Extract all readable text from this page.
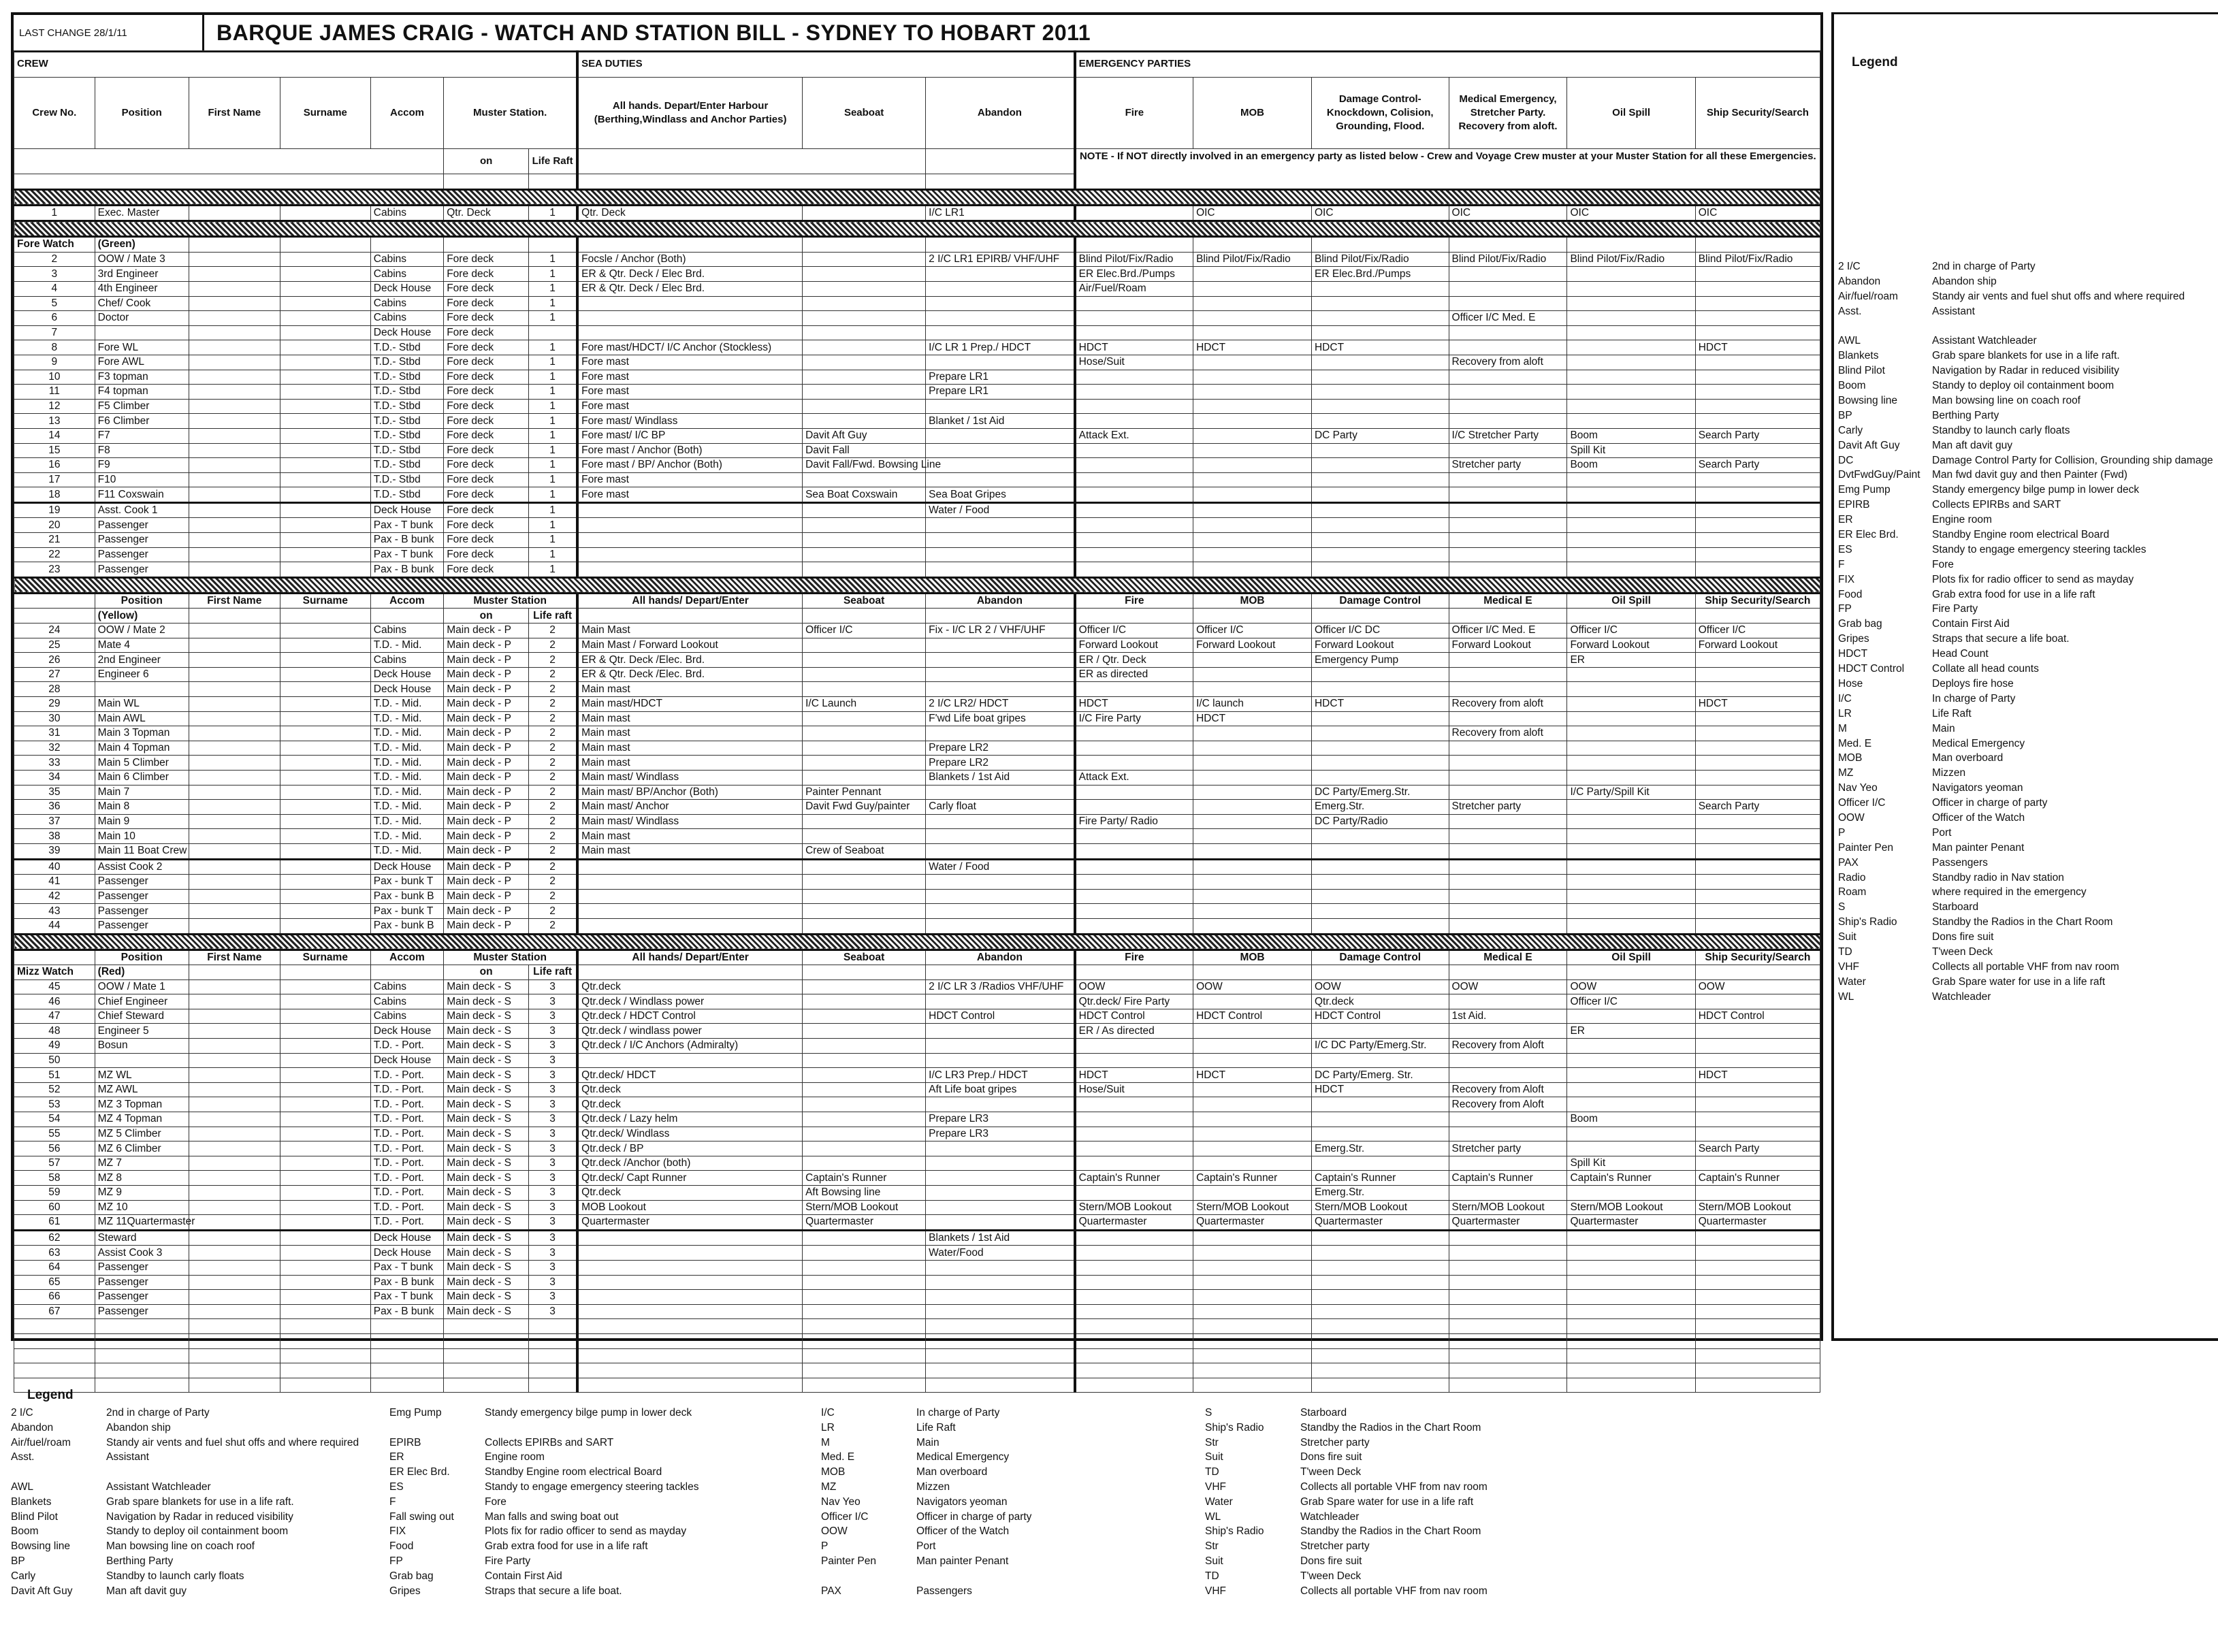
LAST CHANGE 28/1/11	BARQUE JAMES CRAIG - WATCH AND STATION BILL - SYDNEY TO HOBART 2011
CREW							SEA DUTIES			EMERGENCY PARTIES					
Crew No.	Position	First Name	Surname	Accom	Muster Station.		All hands. Depart/Enter Harbour (Berthing,Windlass and Anchor Parties)	Seaboat	Abandon	Fire	MOB	Damage Control- Knockdown, Colision, Grounding, Flood.	Medical Emergency, Stretcher Party. Recovery from aloft.	Oil Spill	Ship Security/Search
					on	Life Raft				NOTE - If NOT directly involved in an emergency party as listed below - Crew and Voyage Crew muster at your Muster Station for all these Emergencies.					

1	Exec. Master			Cabins	Qtr. Deck	1	Qtr. Deck		I/C LR1		OIC	OIC	OIC	OIC	OIC

Fore Watch	(Green)														
2	OOW / Mate 3			Cabins	Fore deck	1	Focsle / Anchor (Both)		2 I/C LR1 EPIRB/ VHF/UHF	Blind Pilot/Fix/Radio	Blind Pilot/Fix/Radio	Blind Pilot/Fix/Radio	Blind Pilot/Fix/Radio	Blind Pilot/Fix/Radio	Blind Pilot/Fix/Radio
3	3rd Engineer			Cabins	Fore deck	1	ER & Qtr. Deck / Elec Brd.			ER Elec.Brd./Pumps		ER Elec.Brd./Pumps			
4	4th Engineer			Deck House	Fore deck	1	ER & Qtr. Deck / Elec Brd.			Air/Fuel/Roam					
5	Chef/ Cook			Cabins	Fore deck	1									
6	Doctor			Cabins	Fore deck	1							Officer I/C Med. E		
7				Deck House	Fore deck										
8	Fore WL			T.D.- Stbd	Fore deck	1	Fore mast/HDCT/ I/C Anchor (Stockless)		I/C LR 1 Prep./ HDCT	HDCT	HDCT	HDCT			HDCT
9	Fore AWL			T.D.- Stbd	Fore deck	1	Fore mast			Hose/Suit			Recovery from aloft		
10	F3 topman			T.D.- Stbd	Fore deck	1	Fore mast		Prepare LR1						
11	F4 topman			T.D.- Stbd	Fore deck	1	Fore mast		Prepare LR1						
12	F5 Climber			T.D.- Stbd	Fore deck	1	Fore mast								
13	F6 Climber			T.D.- Stbd	Fore deck	1	Fore mast/ Windlass		Blanket / 1st Aid						
14	F7			T.D.- Stbd	Fore deck	1	Fore mast/ I/C BP	Davit Aft Guy		Attack Ext.		DC Party	I/C Stretcher Party	Boom	Search Party
15	F8			T.D.- Stbd	Fore deck	1	Fore mast / Anchor (Both)	Davit Fall						Spill Kit	
16	F9			T.D.- Stbd	Fore deck	1	Fore mast / BP/ Anchor (Both)	Davit Fall/Fwd. Bowsing Line					Stretcher party	Boom	Search Party
17	F10			T.D.- Stbd	Fore deck	1	Fore mast								
18	F11 Coxswain			T.D.- Stbd	Fore deck	1	Fore mast	Sea Boat Coxswain	Sea Boat Gripes						
19	Asst. Cook 1			Deck House	Fore deck	1			Water / Food						
20	Passenger			Pax - T bunk	Fore deck	1									
21	Passenger			Pax - B bunk	Fore deck	1									
22	Passenger			Pax - T bunk	Fore deck	1									
23	Passenger			Pax - B bunk	Fore deck	1									

	Position	First Name	Surname	Accom	Muster Station		All hands/ Depart/Enter	Seaboat	Abandon	Fire	MOB	Damage Control	Medical E	Oil Spill	Ship Security/Search
	(Yellow)				on	Life raft									
24	OOW / Mate 2			Cabins	Main deck - P	2	Main Mast	Officer I/C	Fix - I/C LR 2 / VHF/UHF	Officer I/C	Officer I/C	Officer I/C DC	Officer I/C Med. E	Officer I/C	Officer I/C
25	Mate 4			T.D. - Mid.	Main deck - P	2	Main Mast / Forward Lookout			Forward Lookout	Forward Lookout	Forward Lookout	Forward Lookout	Forward Lookout	Forward Lookout
26	2nd Engineer			Cabins	Main deck - P	2	ER & Qtr. Deck /Elec. Brd.			ER / Qtr. Deck		Emergency Pump		ER	
27	Engineer 6			Deck House	Main deck - P	2	ER & Qtr. Deck /Elec. Brd.			ER as directed					
28				Deck House	Main deck - P	2	Main mast								
29	Main WL			T.D. - Mid.	Main deck - P	2	Main mast/HDCT	I/C Launch	2 I/C LR2/ HDCT	HDCT	I/C launch	HDCT	Recovery from aloft		HDCT
30	Main AWL			T.D. - Mid.	Main deck - P	2	Main mast		F'wd Life boat gripes	I/C Fire Party	HDCT				
31	Main 3 Topman			T.D. - Mid.	Main deck - P	2	Main mast						Recovery from aloft		
32	Main 4 Topman			T.D. - Mid.	Main deck - P	2	Main mast		Prepare LR2						
33	Main 5 Climber			T.D. - Mid.	Main deck - P	2	Main mast		Prepare LR2						
34	Main 6 Climber			T.D. - Mid.	Main deck - P	2	Main mast/ Windlass		Blankets / 1st Aid	Attack Ext.					
35	Main 7			T.D. - Mid.	Main deck - P	2	Main mast/ BP/Anchor (Both)	Painter Pennant				DC Party/Emerg.Str.		I/C Party/Spill Kit	
36	Main 8			T.D. - Mid.	Main deck - P	2	Main mast/ Anchor	Davit Fwd Guy/painter	Carly float			Emerg.Str.	Stretcher party		Search Party
37	Main 9			T.D. - Mid.	Main deck - P	2	Main mast/ Windlass			Fire Party/ Radio		DC Party/Radio			
38	Main 10			T.D. - Mid.	Main deck - P	2	Main mast								
39	Main 11 Boat Crew			T.D. - Mid.	Main deck - P	2	Main mast	Crew of Seaboat							
40	Assist Cook 2			Deck House	Main deck - P	2			Water / Food						
41	Passenger			Pax - bunk T	Main deck - P	2									
42	Passenger			Pax - bunk B	Main deck - P	2									
43	Passenger			Pax - bunk T	Main deck - P	2									
44	Passenger			Pax - bunk B	Main deck - P	2									

	Position	First Name	Surname	Accom	Muster Station		All hands/ Depart/Enter	Seaboat	Abandon	Fire	MOB	Damage Control	Medical E	Oil Spill	Ship Security/Search
Mizz Watch	(Red)				on	Life raft									
45	OOW / Mate 1			Cabins	Main deck - S	3	Qtr.deck		2 I/C LR 3 /Radios VHF/UHF	OOW	OOW	OOW	OOW	OOW	OOW
46	Chief Engineer			Cabins	Main deck - S	3	Qtr.deck / Windlass power			Qtr.deck/ Fire Party		Qtr.deck		Officer I/C	
47	Chief Steward			Cabins	Main deck - S	3	Qtr.deck / HDCT Control		HDCT Control	HDCT Control	HDCT Control	HDCT Control	1st Aid.		HDCT Control
48	Engineer 5			Deck House	Main deck - S	3	Qtr.deck / windlass power			ER / As directed				ER	
49	Bosun			T.D. - Port.	Main deck - S	3	Qtr.deck / I/C Anchors (Admiralty)					I/C DC Party/Emerg.Str.	Recovery from Aloft		
50				Deck House	Main deck - S	3									
51	MZ WL			T.D. - Port.	Main deck - S	3	Qtr.deck/ HDCT		I/C LR3 Prep./ HDCT	HDCT	HDCT	DC Party/Emerg. Str.			HDCT
52	MZ AWL			T.D. - Port.	Main deck - S	3	Qtr.deck		Aft Life boat gripes	Hose/Suit		HDCT	Recovery from Aloft		
53	MZ 3 Topman			T.D. - Port.	Main deck - S	3	Qtr.deck						Recovery from Aloft		
54	MZ 4 Topman			T.D. - Port.	Main deck - S	3	Qtr.deck / Lazy helm		Prepare LR3					Boom	
55	MZ 5 Climber			T.D. - Port.	Main deck - S	3	Qtr.deck/ Windlass		Prepare LR3						
56	MZ 6 Climber			T.D. - Port.	Main deck - S	3	Qtr.deck / BP					Emerg.Str.	Stretcher party		Search Party
57	MZ 7			T.D. - Port.	Main deck - S	3	Qtr.deck /Anchor (both)							Spill Kit	
58	MZ 8			T.D. - Port.	Main deck - S	3	Qtr.deck/ Capt Runner	Captain's Runner		Captain's Runner	Captain's Runner	Captain's Runner	Captain's Runner	Captain's Runner	Captain's Runner
59	MZ 9			T.D. - Port.	Main deck - S	3	Qtr.deck	Aft Bowsing line				Emerg.Str.			
60	MZ 10			T.D. - Port.	Main deck - S	3	MOB Lookout	Stern/MOB Lookout		Stern/MOB Lookout	Stern/MOB Lookout	Stern/MOB Lookout	Stern/MOB Lookout	Stern/MOB Lookout	Stern/MOB Lookout
61	MZ 11Quartermaster			T.D. - Port.	Main deck - S	3	Quartermaster	Quartermaster		Quartermaster	Quartermaster	Quartermaster	Quartermaster	Quartermaster	Quartermaster
62	Steward			Deck House	Main deck - S	3			Blankets / 1st Aid						
63	Assist Cook 3			Deck House	Main deck - S	3			Water/Food						
64	Passenger			Pax - T bunk	Main deck - S	3									
65	Passenger			Pax - B bunk	Main deck - S	3									
66	Passenger			Pax - T bunk	Main deck - S	3									
67	Passenger			Pax - B bunk	Main deck - S	3									

Legend
2 I/C	2nd in charge of Party
Abandon	Abandon ship
Air/fuel/roam	Standy air vents and fuel shut offs and where required
Asst.	Assistant
AWL	Assistant Watchleader
Blankets	Grab spare blankets for use in a life raft.
Blind Pilot	Navigation by Radar in reduced visibility
Boom	Standy to deploy oil containment boom
Bowsing line	Man bowsing line on coach roof
BP	Berthing Party
Carly	Standby to launch carly floats
Davit Aft Guy	Man aft davit guy
DC	Damage Control Party for Collision, Grounding ship damage
DvtFwdGuy/Paint	Man fwd davit guy and then Painter (Fwd)
Emg Pump	Standy emergency bilge pump in lower deck
EPIRB	Collects EPIRBs and SART
ER	Engine room
ER Elec Brd.	Standby Engine room electrical Board
ES	Standy to engage emergency steering tackles
F	Fore
FIX	Plots fix for radio officer to send as mayday
Food	Grab extra food for use in a life raft
FP	Fire Party
Grab bag	Contain First Aid
Gripes	Straps that secure a life boat.
HDCT	Head Count
HDCT Control	Collate all head counts
Hose	Deploys fire hose
I/C	In charge of Party
LR	Life Raft
M	Main
Med. E	Medical Emergency
MOB	Man overboard
MZ	Mizzen
Nav Yeo	Navigators yeoman
Officer I/C	Officer in charge of party
OOW	Officer of the Watch
P	Port
Painter Pen	Man painter Penant
PAX	Passengers
Radio	Standby radio in Nav station
Roam	where required in the emergency
S	Starboard
Ship's Radio	Standby the Radios in the Chart Room
Suit	Dons fire suit
TD	T'ween Deck
VHF	Collects all portable VHF from nav room
Water	Grab Spare water for use in a life raft
WL	Watchleader
Legend
2 I/C	2nd in charge of Party
Abandon	Abandon ship
Air/fuel/roam	Standy air vents and fuel shut offs and where required
Asst.	Assistant
AWL	Assistant Watchleader
Blankets	Grab spare blankets for use in a life raft.
Blind Pilot	Navigation by Radar in reduced visibility
Boom	Standy to deploy oil containment boom
Bowsing line	Man bowsing line on coach roof
BP	Berthing Party
Carly	Standby to launch carly floats
Davit Aft Guy	Man aft davit guy
Emg Pump	Standy emergency bilge pump in lower deck
EPIRB	Collects EPIRBs and SART
ER	Engine room
ER Elec Brd.	Standby Engine room electrical Board
ES	Standy to engage emergency steering tackles
F	Fore
Fall swing out	Man falls and swing boat out
FIX	Plots fix for radio officer to send as mayday
Food	Grab extra food for use in a life raft
FP	Fire Party
Grab bag	Contain First Aid
Gripes	Straps that secure a life boat.
I/C	In charge of Party
LR	Life Raft
M	Main
Med. E	Medical Emergency
MOB	Man overboard
MZ	Mizzen
Nav Yeo	Navigators yeoman
Officer I/C	Officer in charge of party
OOW	Officer of the Watch
P	Port
Painter Pen	Man painter Penant
PAX	Passengers
S	Starboard
Ship's Radio	Standby the Radios in the Chart Room
Str	Stretcher party
Suit	Dons fire suit
TD	T'ween Deck
VHF	Collects all portable VHF from nav room
Water	Grab Spare water for use in a life raft
WL	Watchleader
Ship's Radio	Standby the Radios in the Chart Room
Str	Stretcher party
Suit	Dons fire suit
TD	T'ween Deck
VHF	Collects all portable VHF from nav room
